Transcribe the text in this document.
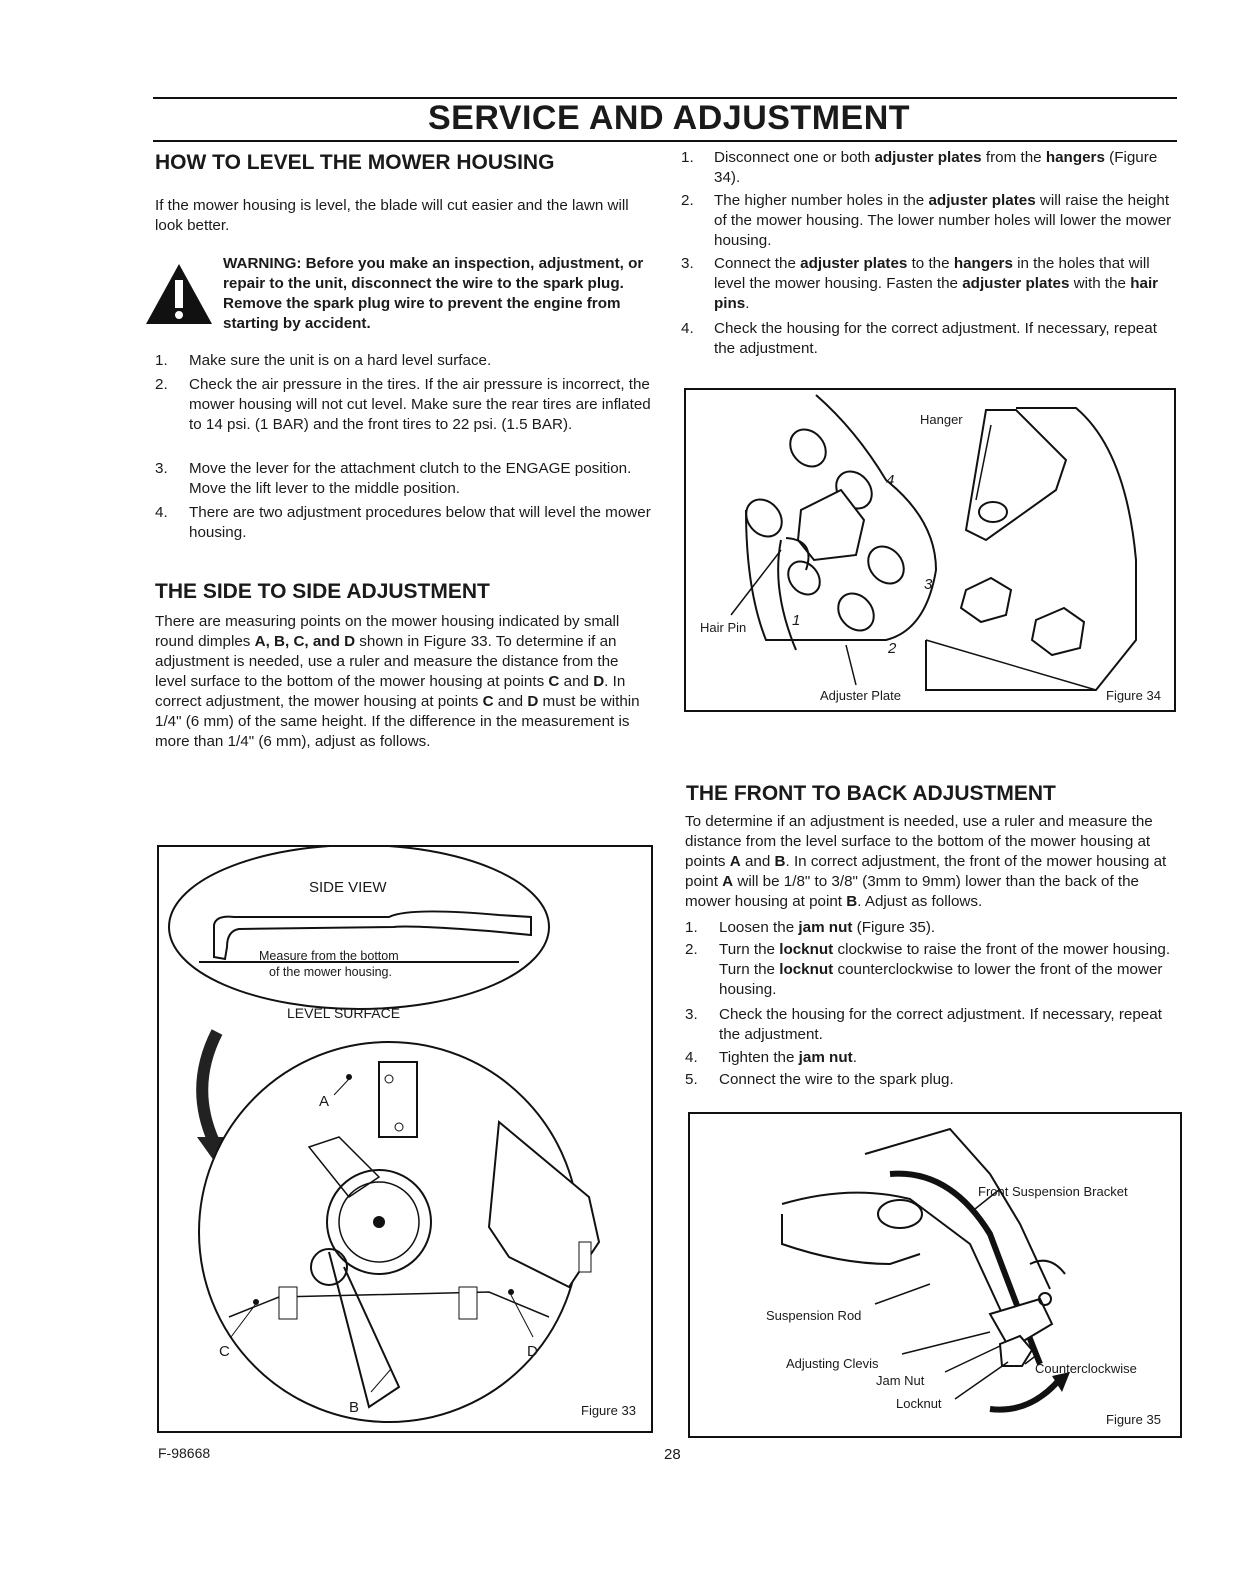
SERVICE AND ADJUSTMENT
HOW TO LEVEL THE MOWER HOUSING
If the mower housing is level, the blade will cut easier and the lawn will look better.
WARNING: Before you make an inspection, adjustment, or repair to the unit, disconnect the wire to the spark plug. Remove the spark plug wire to prevent the engine from starting by accident.
1.	Make sure the unit is on a hard level surface.
2.	Check the air pressure in the tires. If the air pressure is incorrect, the mower housing will not cut level. Make sure the rear tires are inflated to 14 psi. (1 BAR) and the front tires to 22 psi. (1.5 BAR).
3.	Move the lever for the attachment clutch to the ENGAGE position. Move the lift lever to the middle position.
4.	There are two adjustment procedures below that will level the mower housing.
THE SIDE TO SIDE ADJUSTMENT
There are measuring points on the mower housing indicated by small round dimples A, B, C, and D shown in Figure 33. To determine if an adjustment is needed, use a ruler and measure the distance from the level surface to the bottom of the mower housing at points C and D. In correct adjustment, the mower housing at points C and D must be within 1/4" (6 mm) of the same height. If the difference in the measurement is more than 1/4" (6 mm), adjust as follows.
SIDE VIEW
Measure from the bottom
of the mower housing.
LEVEL SURFACE
A
C	D
B	Figure 33
1.	Disconnect one or both adjuster plates from the hangers (Figure 34).
2.	The higher number holes in the adjuster plates will raise the height of the mower housing. The lower number holes will lower the mower housing.
3.	Connect the adjuster plates to the hangers in the holes that will level the mower housing. Fasten the adjuster plates with the hair pins.
4.	Check the housing for the correct adjustment. If necessary, repeat the adjustment.
Hanger
Hair Pin
Adjuster Plate	Figure 34
1
2
3
4
THE FRONT TO BACK ADJUSTMENT
To determine if an adjustment is needed, use a ruler and measure the distance from the level surface to the bottom of the mower housing at points A and B. In correct adjustment, the front of the mower housing at point A will be 1/8" to 3/8" (3mm to 9mm) lower than the back of the mower housing at point B. Adjust as follows.
1.	Loosen the jam nut (Figure 35).
2.	Turn the locknut clockwise to raise the front of the mower housing. Turn the locknut counterclockwise to lower the front of the mower housing.
3.	Check the housing for the correct adjustment. If necessary, repeat the adjustment.
4.	Tighten the jam nut.
5.	Connect the wire to the spark plug.
Front Suspension Bracket
Suspension Rod
Adjusting Clevis
Jam Nut
Locknut
Counterclockwise
Figure 35
F-98668	28
